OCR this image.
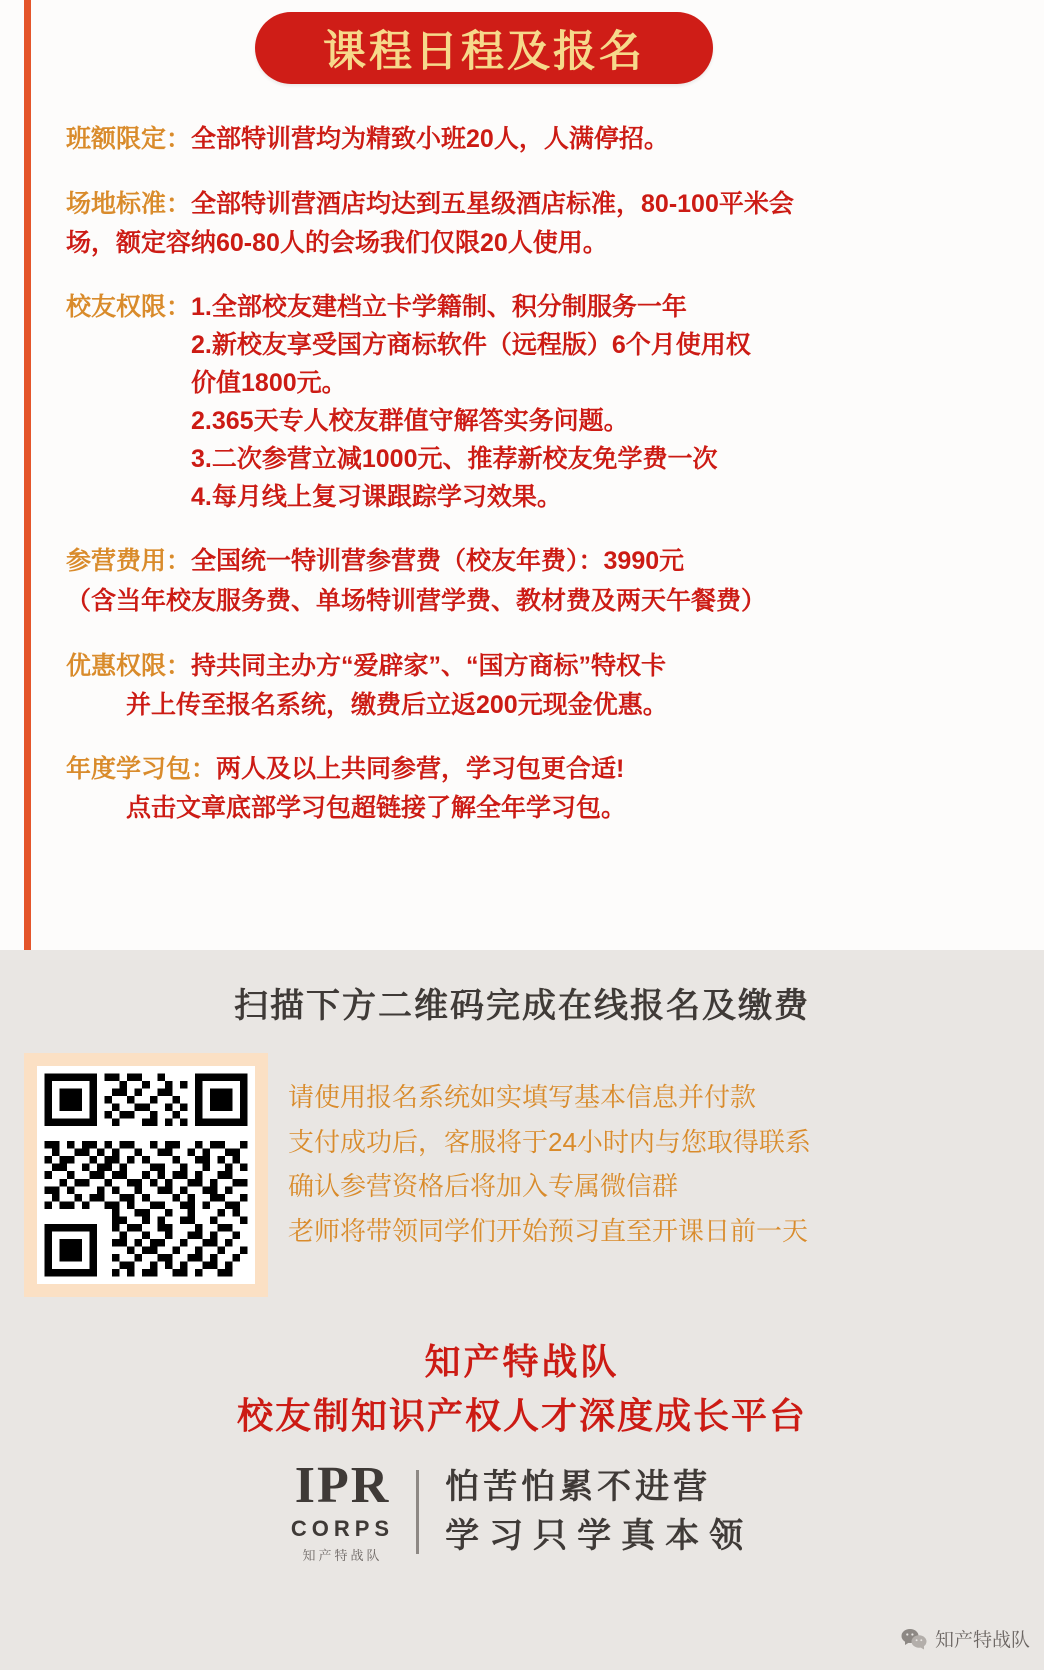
课程日程及报名
班额限定： 全部特训营均为精致小班20人，人满停招。
场地标准： 全部特训营酒店均达到五星级酒店标准，80-100平米会
场，额定容纳60-80人的会场我们仅限20人使用。
校友权限： 1.全部校友建档立卡学籍制、积分制服务一年
2.新校友享受国方商标软件（远程版）6个月使用权
价值1800元。
2.365天专人校友群值守解答实务问题。
3.二次参营立减1000元、推荐新校友免学费一次
4.每月线上复习课跟踪学习效果。
参营费用： 全国统一特训营参营费（校友年费）：3990元
（含当年校友服务费、单场特训营学费、教材费及两天午餐费）
优惠权限： 持共同主办方“爱辟家”、“国方商标”特权卡
并上传至报名系统，缴费后立返200元现金优惠。
年度学习包： 两人及以上共同参营，学习包更合适!
点击文章底部学习包超链接了解全年学习包。
扫描下方二维码完成在线报名及缴费
请使用报名系统如实填写基本信息并付款
支付成功后，客服将于24小时内与您取得联系
确认参营资格后将加入专属微信群
老师将带领同学们开始预习直至开课日前一天
知产特战队
校友制知识产权人才深度成长平台
IPR
CORPS
知产特战队
怕苦怕累不进营
学习只学真本领
知产特战队
